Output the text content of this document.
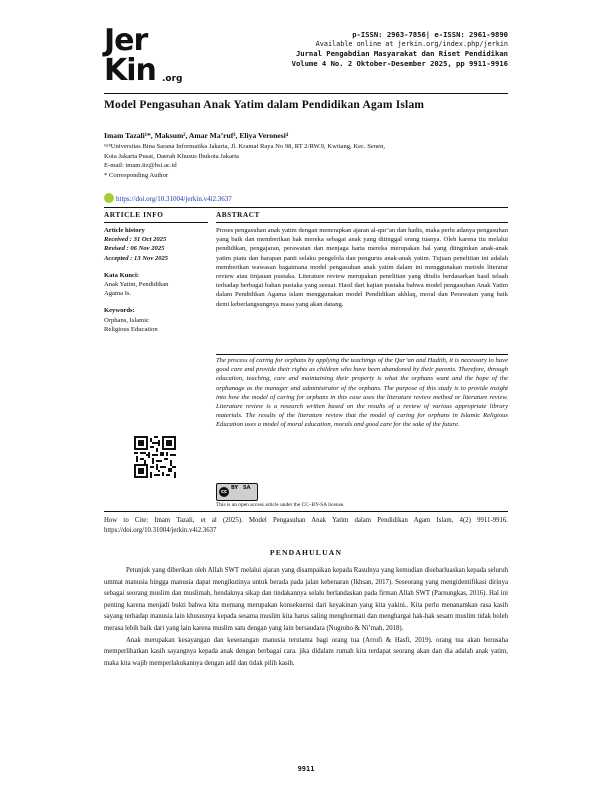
Jer
Kin .org
p-ISSN: 2963-7856| e-ISSN: 2961-9890
Available online at jerkin.org/index.php/jerkin
Jurnal Pengabdian Masyarakat dan Riset Pendidikan
Volume 4 No. 2 Oktober-Desember 2025, pp 9911-9916
Model Pengasuhan Anak Yatim dalam Pendidikan Agam Islam
Imam Tazali¹*, Maksum², Amar Ma’ruf³, Eliya Veronesi⁴
¹ʲʳ⁴Universitas Bina Sarana Informatika Jakarta, Jl. Kramat Raya No 98, RT 2/RW.9, Kwitang, Kec. Senen,
Kota Jakarta Pusat, Daerah Khusus Ibukota Jakarta
E-mail: imam.itz@bsi.ac.id
* Corresponding Author
https://doi.org/10.31004/jerkin.v4i2.3637
ARTICLE INFO	ABSTRACT
Article history
Received : 31 Oct 2025
Revised : 06 Nov 2025
Accepted : 13 Nov 2025
Kata Kunci:
Anak Yatim, Pendidikan
Agama Is.
Keywords:
Orphans, Islamic
Religious Education
Proses pengasuhan anak yatim dengan menerapkan ajaran al-qur’an dan hadis, maka perlu adanya pengasuhan yang baik dan memberikan hak mereka sebagai anak yang ditinggal orang tuanya. Oleh karena itu melalui pendidikan, pengajaran, perawatan dan menjaga harta mereka merupakan hal yang diinginkan anak-anak yatim piatu dan harapan panti selaku pengelola dan pengurus anak-anak yatim. Tujuan penelitian ini adalah memberikan wawasan bagaimana model pengasuhan anak yatim dalam ini menggunakan metode literatur review atau tinjauan pustaka. Literature review merupakan penelitian yang ditulis berdasarkan hasil telaah terhadap berbagai bahan pustaka yang sesuai. Hasil dari kajian pustaka bahwa model pengasuhan Anak Yatim dalam Pendidikan Agama islam menggunakan model Pendidikan akhlaq, moral dan Perawatan yang baik demi keberlangsungnya masa yang akan datang.
The process of caring for orphans by applying the teachings of the Qur’an and Hadith, it is necessary to have good care and provide their rights as children who have been abandoned by their parents. Therefore, through education, teaching, care and maintaining their property is what the orphans want and the hope of the orphanage as the manager and administrator of the orphans. The purpose of this study is to provide insight into how the model of caring for orphans in this case uses the literature review method or literature review. Literature review is a research written based on the results of a review of various appropriate library materials. The results of the literature review that the model of caring for orphans in Islamic Religious Education uses a model of moral education, morals and good care for the sake of the future.
cc
BY SA
This is an open access article under the CC–BY-SA license.
How to Cite: Imam Tazali, et al (2025). Model Pengasuhan Anak Yatim dalam Pendidikan Agam Islam, 4(2) 9911-9916. https://doi.org/10.31004/jerkin.v4i2.3637
PENDAHULUAN

Petunjuk yang diberikan oleh Allah SWT melalui ajaran yang disampaikan kepada Rasulnya yang kemudian disebarluaskan kepada seluruh ummat manusia hingga manusia dapat mengikutinya untuk berada pada jalan kebenaran (Ikhsan, 2017). Seseorang yang mengidentifikasi dirinya sebagai seorang muslim dan muslimah, hendaknya sikap dan tindakannya selalu berlandaskan pada firman Allah SWT (Parnungkas, 2016). Hal ini penting karena menjadi bukti bahwa kita memang merupakan konsekuensi dari keyakinan yang kita yakini.. Kita perlu menanamkan rasa kasih sayang terhadap manusia lain khususnya kepada sesama muslim kita harus saling menghormati dan menghargai hak-hak sesam muslim tidak boleh merasa lebih baik dari yang lain karena muslim satu dengan yang lain bersaudara (Nugroho & Ni’mah, 2018).

Anak merupakan kesayangan dan kesenangan manusia terutama bagi orang tua (Arrofi & Hasfi, 2019). orang tua akan berusaha memperlihatkan kasih sayangnya kepada anak dengan berbagai cara. jika didalam rumah kita terdapat seorang akan dan dia adalah anak yatim, maka kita wajib memperlakukannya dengan adil dan tidak pilih kasih.

9911
